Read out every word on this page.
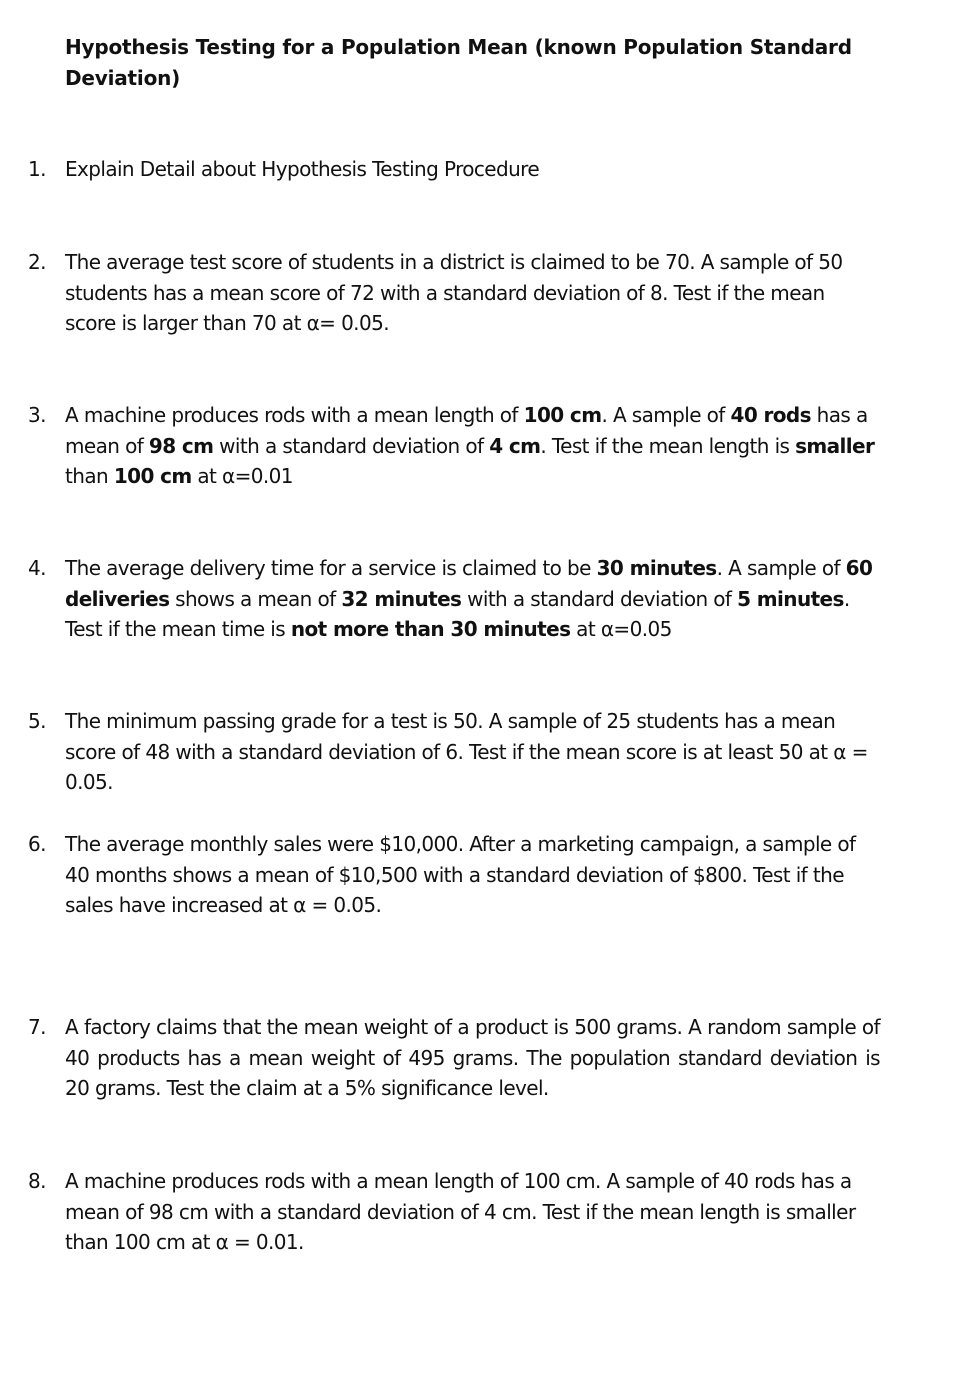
Hypothesis Testing for a Population Mean (known Population Standard Deviation)
1. Explain Detail about Hypothesis Testing Procedure

2. The average test score of students in a district is claimed to be 70. A sample of 50 students has a mean score of 72 with a standard deviation of 8. Test if the mean score is larger than 70 at α= 0.05.

3. A machine produces rods with a mean length of 100 cm. A sample of 40 rods has a mean of 98 cm with a standard deviation of 4 cm. Test if the mean length is smaller than 100 cm at α=0.01

4. The average delivery time for a service is claimed to be 30 minutes. A sample of 60 deliveries shows a mean of 32 minutes with a standard deviation of 5 minutes. Test if the mean time is not more than 30 minutes at α=0.05

5. The minimum passing grade for a test is 50. A sample of 25 students has a mean score of 48 with a standard deviation of 6. Test if the mean score is at least 50 at α = 0.05.

6. The average monthly sales were $10,000. After a marketing campaign, a sample of 40 months shows a mean of $10,500 with a standard deviation of $800. Test if the sales have increased at α = 0.05.

7. A factory claims that the mean weight of a product is 500 grams. A random sample of 40 products has a mean weight of 495 grams. The population standard deviation is 20 grams. Test the claim at a 5% significance level.

8. A machine produces rods with a mean length of 100 cm. A sample of 40 rods has a mean of 98 cm with a standard deviation of 4 cm. Test if the mean length is smaller than 100 cm at α = 0.01.
